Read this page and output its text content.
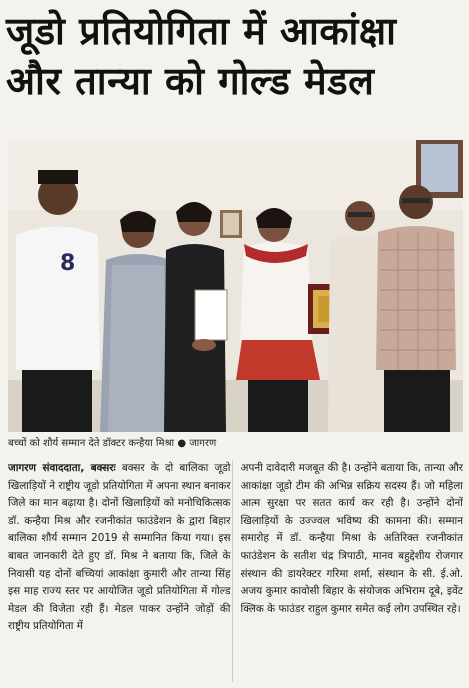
जूडो प्रतियोगिता में आकांक्षा
और तान्या को गोल्ड मेडल
8
बच्चों को शौर्य सम्मान देते डॉक्टर कन्हैया मिश्रा ● जागरण
जागरण संवाददाता, बक्सरः बक्सर के दो बालिका जूडो खिलाड़ियों ने राष्ट्रीय जूडो प्रतियोगिता में अपना स्थान बनाकर जिले का मान बढ़ाया है। दोनों खिलाड़ियों को मनोचिकित्सक डॉ. कन्हैया मिश्र और रजनीकांत फाउंडेशन के द्वारा बिहार बालिका शौर्य सम्मान 2019 से सम्मानित किया गया। इस बाबत जानकारी देते हुए डॉ. मिश्र ने बताया कि, जिले के निवासी यह दोनों बच्चियां आकांक्षा कुमारी और तान्या सिंह इस माह राज्य स्तर पर आयोजित जूडो प्रतियोगिता में गोल्ड मेडल की विजेता रही हैं। मेडल पाकर उन्होंने जोड़ों की राष्ट्रीय प्रतियोगिता में
अपनी दावेदारी मजबूत की है। उन्होंने बताया कि, तान्या और आकांक्षा जूडो टीम की अभिन्न सक्रिय सदस्य हैं। जो महिला आत्म सुरक्षा पर सतत कार्य कर रही है। उन्होंने दोनों खिलाड़ियों के उज्ज्वल भविष्य की कामना की। सम्मान समारोह में डॉ. कन्हैया मिश्रा के अतिरिक्त रजनीकांत फाउंडेशन के सतीश चंद्र त्रिपाठी, मानव बहुद्देशीय रोजगार संस्थान की डायरेक्टर गरिमा शर्मा, संस्थान के सी. ई.ओ. अजय कुमार कावोसी बिहार के संयोजक अभिराम दूबे, इवेंट क्लिक के फाउंडर राहुल कुमार समेत कई लोग उपस्थित रहे।
